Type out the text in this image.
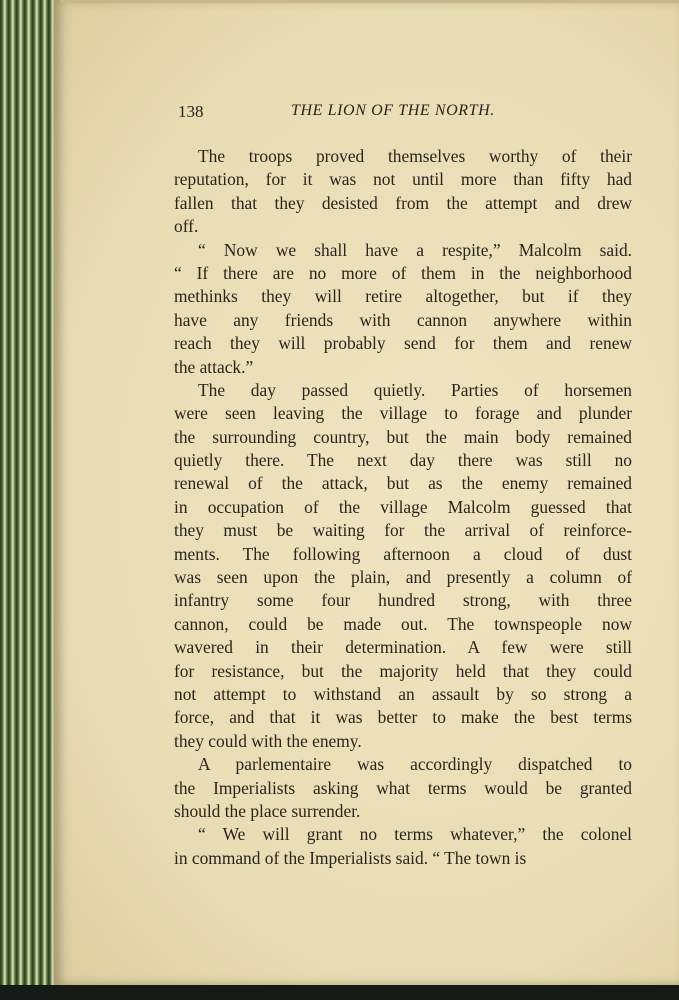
138	THE LION OF THE NORTH.
The troops proved themselves worthy of their
reputation, for it was not until more than fifty had
fallen that they desisted from the attempt and drew
off.
“ Now we shall have a respite,” Malcolm said.
“ If there are no more of them in the neighborhood
methinks they will retire altogether, but if they
have any friends with cannon anywhere within
reach they will probably send for them and renew
the attack.”
The day passed quietly. Parties of horsemen
were seen leaving the village to forage and plunder
the surrounding country, but the main body remained
quietly there. The next day there was still no
renewal of the attack, but as the enemy remained
in occupation of the village Malcolm guessed that
they must be waiting for the arrival of reinforce-
ments. The following afternoon a cloud of dust
was seen upon the plain, and presently a column of
infantry some four hundred strong, with three
cannon, could be made out. The townspeople now
wavered in their determination. A few were still
for resistance, but the majority held that they could
not attempt to withstand an assault by so strong a
force, and that it was better to make the best terms
they could with the enemy.
A parlementaire was accordingly dispatched to
the Imperialists asking what terms would be granted
should the place surrender.
“ We will grant no terms whatever,” the colonel
in command of the Imperialists said. “ The town is
